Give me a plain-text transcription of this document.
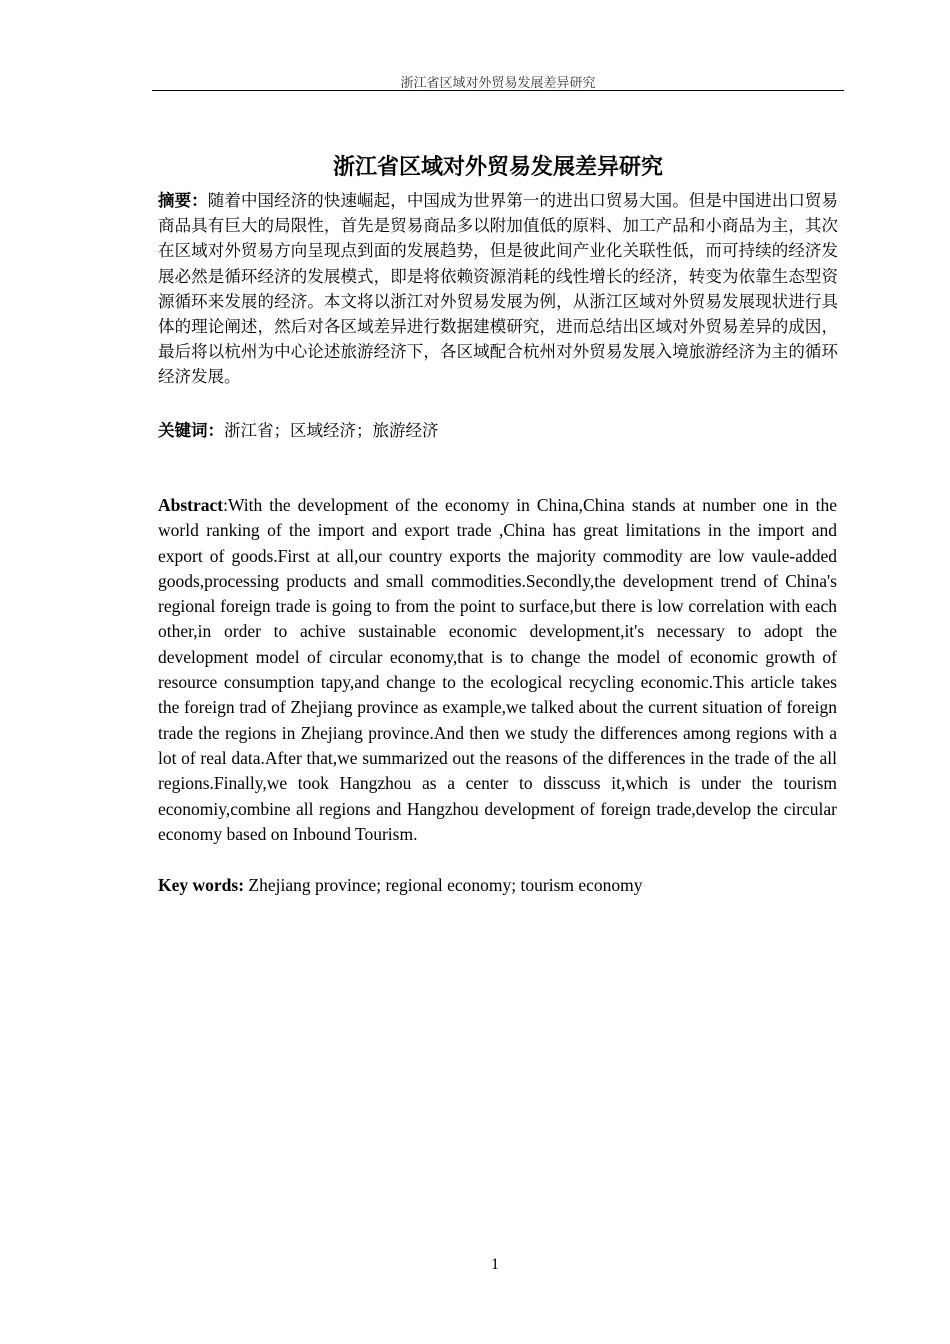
浙江省区域对外贸易发展差异研究
浙江省区域对外贸易发展差异研究

摘要：随着中国经济的快速崛起，中国成为世界第一的进出口贸易大国。但是中国进出口贸易商品具有巨大的局限性，首先是贸易商品多以附加值低的原料、加工产品和小商品为主，其次在区域对外贸易方向呈现点到面的发展趋势，但是彼此间产业化关联性低，而可持续的经济发展必然是循环经济的发展模式，即是将依赖资源消耗的线性增长的经济，转变为依靠生态型资源循环来发展的经济。本文将以浙江对外贸易发展为例，从浙江区域对外贸易发展现状进行具体的理论阐述，然后对各区域差异进行数据建模研究，进而总结出区域对外贸易差异的成因，最后将以杭州为中心论述旅游经济下，各区域配合杭州对外贸易发展入境旅游经济为主的循环经济发展。

关键词：浙江省；区域经济；旅游经济

Abstract:With the development of the economy in China,China stands at number one in the world ranking of the import and export trade ,China has great limitations in the import and export of goods.First at all,our country exports the majority commodity are low vaule-added goods,processing products and small commodities.Secondly,the development trend of China's regional foreign trade is going to from the point to surface,but there is low correlation with each other,in order to achive sustainable economic development,it's necessary to adopt the development model of circular economy,that is to change the model of economic growth of resource consumption tapy,and change to the ecological recycling economic.This article takes the foreign trad of Zhejiang province as example,we talked about the current situation of foreign trade the regions in Zhejiang province.And then we study the differences among regions with a lot of real data.After that,we summarized out the reasons of the differences in the trade of the all regions.Finally,we took Hangzhou as a center to disscuss it,which is under the tourism economiy,combine all regions and Hangzhou development of foreign trade,develop the circular economy based on Inbound Tourism.

Key words: Zhejiang province; regional economy; tourism economy

1
